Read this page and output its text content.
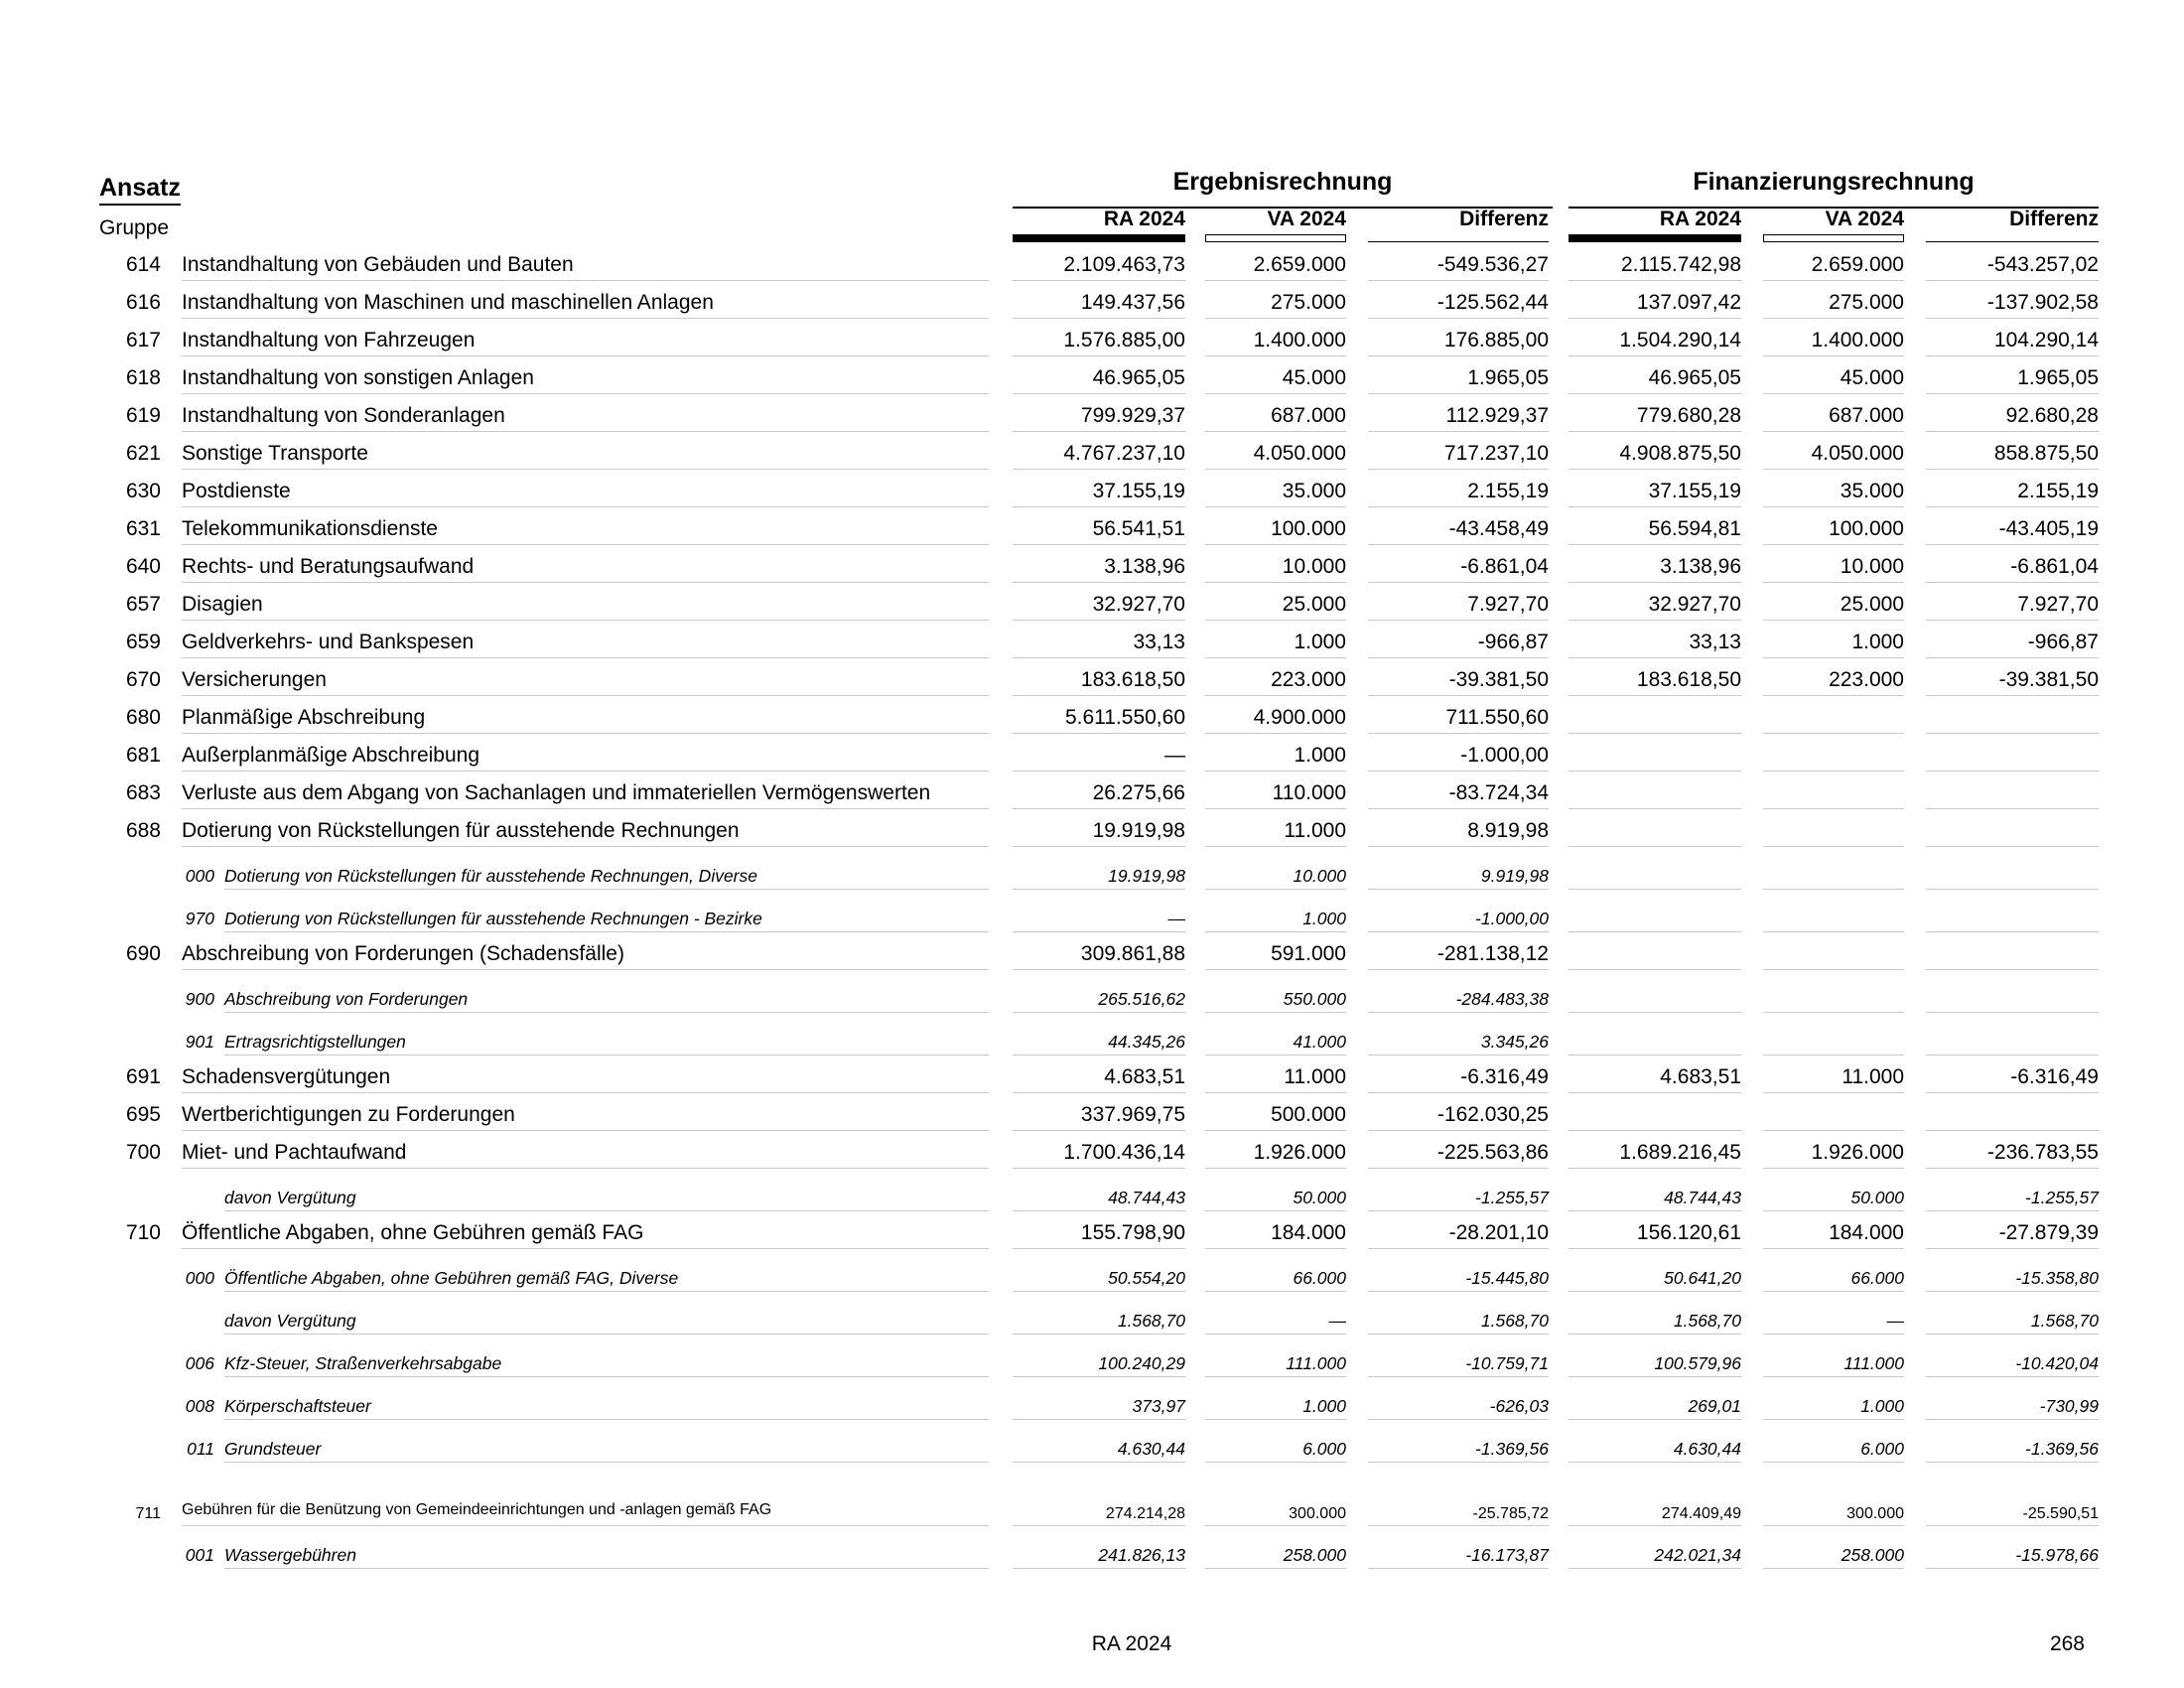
Ansatz
Gruppe
Ergebnisrechnung	Finanzierungsrechnung
RA 2024	VA 2024	Differenz	RA 2024	VA 2024	Differenz
614 Instandhaltung von Gebäuden und Bauten	2.109.463,73	2.659.000	-549.536,27	2.115.742,98	2.659.000	-543.257,02
616 Instandhaltung von Maschinen und maschinellen Anlagen	149.437,56	275.000	-125.562,44	137.097,42	275.000	-137.902,58
617 Instandhaltung von Fahrzeugen	1.576.885,00	1.400.000	176.885,00	1.504.290,14	1.400.000	104.290,14
618 Instandhaltung von sonstigen Anlagen	46.965,05	45.000	1.965,05	46.965,05	45.000	1.965,05
619 Instandhaltung von Sonderanlagen	799.929,37	687.000	112.929,37	779.680,28	687.000	92.680,28
621 Sonstige Transporte	4.767.237,10	4.050.000	717.237,10	4.908.875,50	4.050.000	858.875,50
630 Postdienste	37.155,19	35.000	2.155,19	37.155,19	35.000	2.155,19
631 Telekommunikationsdienste	56.541,51	100.000	-43.458,49	56.594,81	100.000	-43.405,19
640 Rechts- und Beratungsaufwand	3.138,96	10.000	-6.861,04	3.138,96	10.000	-6.861,04
657 Disagien	32.927,70	25.000	7.927,70	32.927,70	25.000	7.927,70
659 Geldverkehrs- und Bankspesen	33,13	1.000	-966,87	33,13	1.000	-966,87
670 Versicherungen	183.618,50	223.000	-39.381,50	183.618,50	223.000	-39.381,50
680 Planmäßige Abschreibung	5.611.550,60	4.900.000	711.550,60
681 Außerplanmäßige Abschreibung	—	1.000	-1.000,00
683 Verluste aus dem Abgang von Sachanlagen und immateriellen Vermögenswerten	26.275,66	110.000	-83.724,34
688 Dotierung von Rückstellungen für ausstehende Rechnungen	19.919,98	11.000	8.919,98
000 Dotierung von Rückstellungen für ausstehende Rechnungen, Diverse	19.919,98	10.000	9.919,98
970 Dotierung von Rückstellungen für ausstehende Rechnungen - Bezirke	—	1.000	-1.000,00
690 Abschreibung von Forderungen (Schadensfälle)	309.861,88	591.000	-281.138,12
900 Abschreibung von Forderungen	265.516,62	550.000	-284.483,38
901 Ertragsrichtigstellungen	44.345,26	41.000	3.345,26
691 Schadensvergütungen	4.683,51	11.000	-6.316,49	4.683,51	11.000	-6.316,49
695 Wertberichtigungen zu Forderungen	337.969,75	500.000	-162.030,25
700 Miet- und Pachtaufwand	1.700.436,14	1.926.000	-225.563,86	1.689.216,45	1.926.000	-236.783,55
davon Vergütung	48.744,43	50.000	-1.255,57	48.744,43	50.000	-1.255,57
710 Öffentliche Abgaben, ohne Gebühren gemäß FAG	155.798,90	184.000	-28.201,10	156.120,61	184.000	-27.879,39
000 Öffentliche Abgaben, ohne Gebühren gemäß FAG, Diverse	50.554,20	66.000	-15.445,80	50.641,20	66.000	-15.358,80
davon Vergütung	1.568,70	—	1.568,70	1.568,70	—	1.568,70
006 Kfz-Steuer, Straßenverkehrsabgabe	100.240,29	111.000	-10.759,71	100.579,96	111.000	-10.420,04
008 Körperschaftsteuer	373,97	1.000	-626,03	269,01	1.000	-730,99
011 Grundsteuer	4.630,44	6.000	-1.369,56	4.630,44	6.000	-1.369,56
711 Gebühren für die Benützung von Gemeindeeinrichtungen und -anlagen gemäß FAG	274.214,28	300.000	-25.785,72	274.409,49	300.000	-25.590,51
001 Wassergebühren	241.826,13	258.000	-16.173,87	242.021,34	258.000	-15.978,66
RA 2024	268
